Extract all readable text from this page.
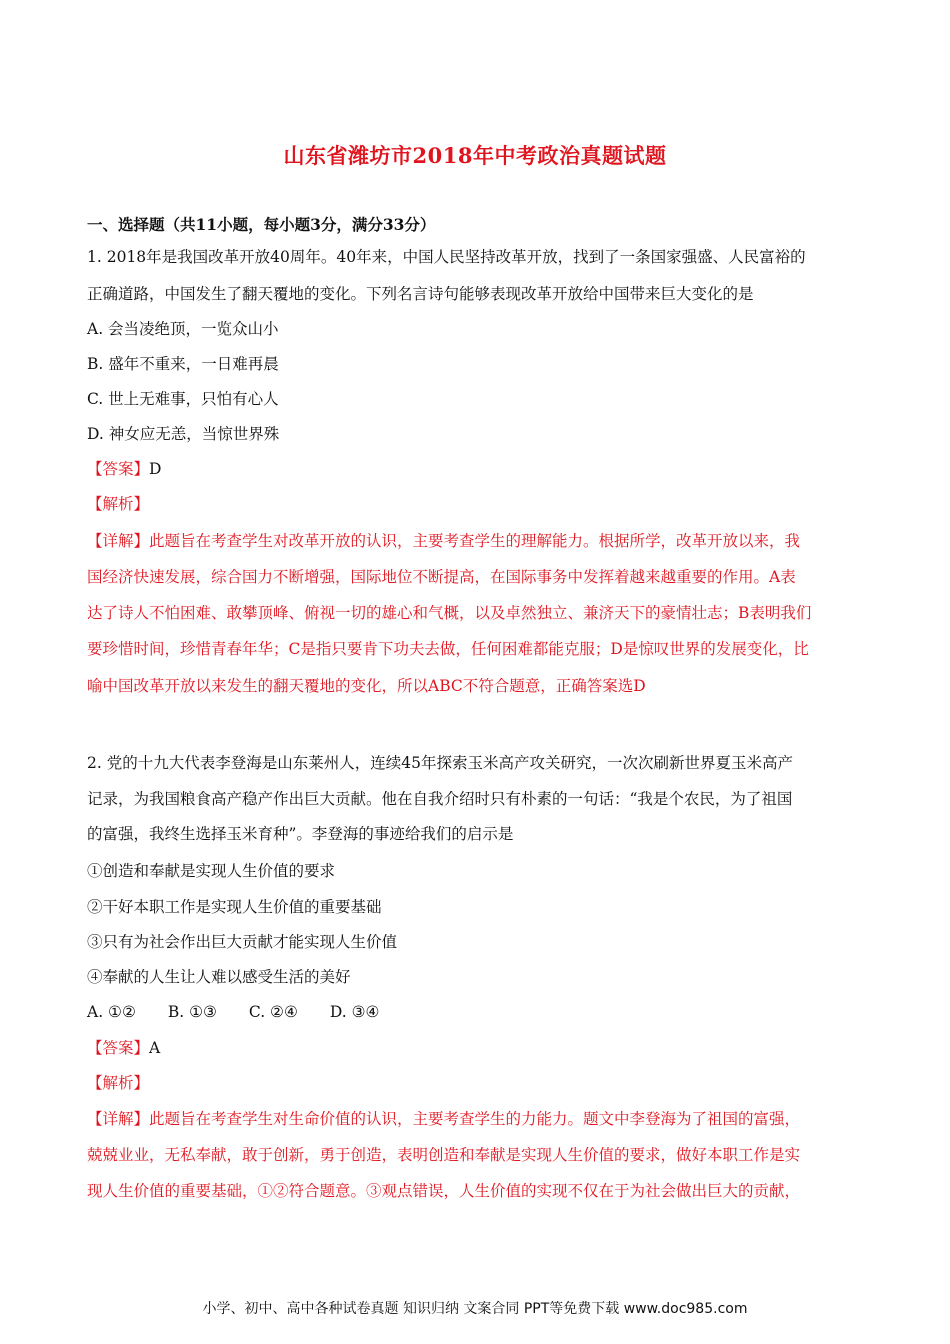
山东省潍坊市2018年中考政治真题试题
一、选择题（共11小题，每小题3分，满分33分）
1. 2018年是我国改革开放40周年。40年来，中国人民坚持改革开放，找到了一条国家强盛、人民富裕的
正确道路，中国发生了翻天覆地的变化。下列名言诗句能够表现改革开放给中国带来巨大变化的是
A. 会当凌绝顶，一览众山小
B. 盛年不重来，一日难再晨
C. 世上无难事，只怕有心人
D. 神女应无恙，当惊世界殊
【答案】D
【解析】
【详解】此题旨在考查学生对改革开放的认识，主要考查学生的理解能力。根据所学，改革开放以来，我
国经济快速发展，综合国力不断增强，国际地位不断提高，在国际事务中发挥着越来越重要的作用。A表
达了诗人不怕困难、敢攀顶峰、俯视一切的雄心和气概，以及卓然独立、兼济天下的豪情壮志；B表明我们
要珍惜时间，珍惜青春年华；C是指只要肯下功夫去做，任何困难都能克服；D是惊叹世界的发展变化，比
喻中国改革开放以来发生的翻天覆地的变化，所以ABC不符合题意，正确答案选D
2. 党的十九大代表李登海是山东莱州人，连续45年探索玉米高产攻关研究，一次次刷新世界夏玉米高产
记录，为我国粮食高产稳产作出巨大贡献。他在自我介绍时只有朴素的一句话：“我是个农民，为了祖国
的富强，我终生选择玉米育种”。李登海的事迹给我们的启示是
①创造和奉献是实现人生价值的要求
②干好本职工作是实现人生价值的重要基础
③只有为社会作出巨大贡献才能实现人生价值
④奉献的人生让人难以感受生活的美好
A. ①② B. ①③ C. ②④ D. ③④
【答案】A
【解析】
【详解】此题旨在考查学生对生命价值的认识，主要考查学生的力能力。题文中李登海为了祖国的富强，
兢兢业业，无私奉献，敢于创新，勇于创造，表明创造和奉献是实现人生价值的要求，做好本职工作是实
现人生价值的重要基础，①②符合题意。③观点错误，人生价值的实现不仅在于为社会做出巨大的贡献，
小学、初中、高中各种试卷真题 知识归纳 文案合同 PPT等免费下载 www.doc985.com
